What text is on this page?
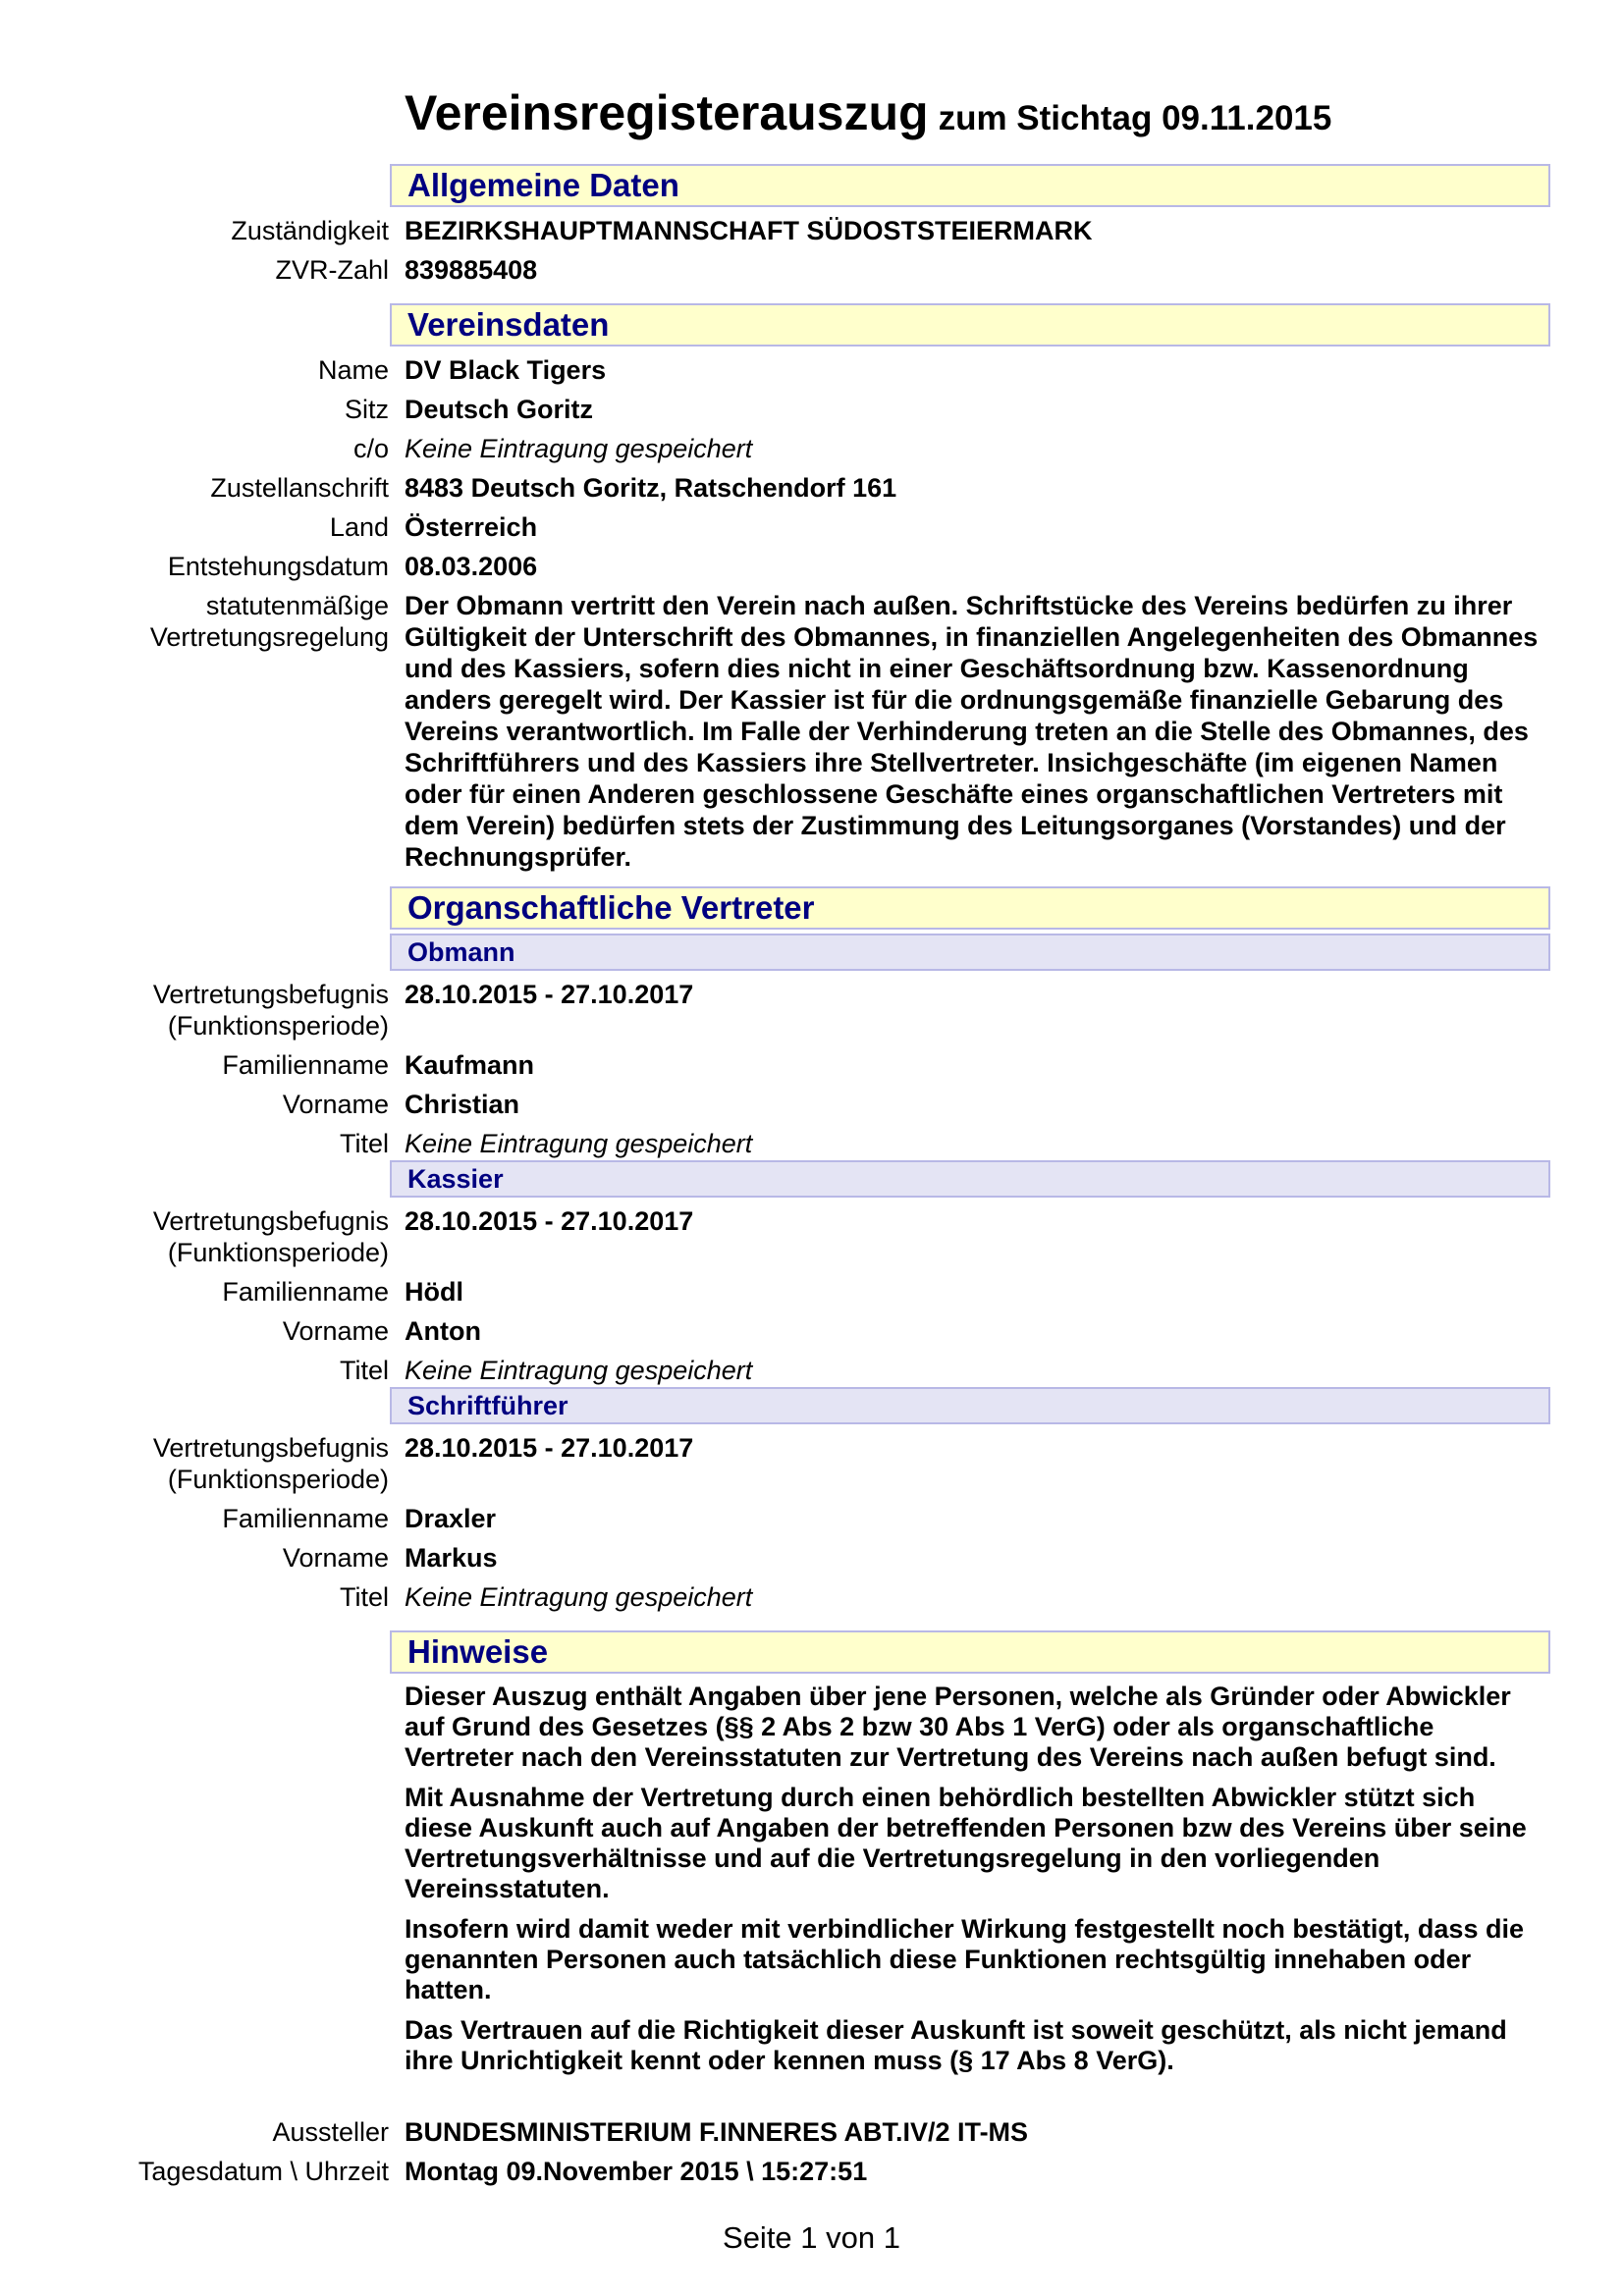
Vereinsregisterauszug zum Stichtag 09.11.2015
Allgemeine Daten
Zuständigkeit BEZIRKSHAUPTMANNSCHAFT SÜDOSTSTEIERMARK
ZVR-Zahl 839885408
Vereinsdaten
Name DV Black Tigers
Sitz Deutsch Goritz
c/o Keine Eintragung gespeichert
Zustellanschrift 8483 Deutsch Goritz, Ratschendorf 161
Land Österreich
Entstehungsdatum 08.03.2006
statutenmäßige
Vertretungsregelung
Der Obmann vertritt den Verein nach außen. Schriftstücke des Vereins bedürfen zu ihrer Gültigkeit der Unterschrift des Obmannes, in finanziellen Angelegenheiten des Obmannes und des Kassiers, sofern dies nicht in einer Geschäftsordnung bzw. Kassenordnung anders geregelt wird. Der Kassier ist für die ordnungsgemäße finanzielle Gebarung des Vereins verantwortlich. Im Falle der Verhinderung treten an die Stelle des Obmannes, des Schriftführers und des Kassiers ihre Stellvertreter. Insichgeschäfte (im eigenen Namen oder für einen Anderen geschlossene Geschäfte eines organschaftlichen Vertreters mit dem Verein) bedürfen stets der Zustimmung des Leitungsorganes (Vorstandes) und der Rechnungsprüfer.
Organschaftliche Vertreter
Obmann
Vertretungsbefugnis
(Funktionsperiode)
28.10.2015 - 27.10.2017
Familienname Kaufmann
Vorname Christian
Titel Keine Eintragung gespeichert
Kassier
Vertretungsbefugnis
(Funktionsperiode)
28.10.2015 - 27.10.2017
Familienname Hödl
Vorname Anton
Titel Keine Eintragung gespeichert
Schriftführer
Vertretungsbefugnis
(Funktionsperiode)
28.10.2015 - 27.10.2017
Familienname Draxler
Vorname Markus
Titel Keine Eintragung gespeichert
Hinweise

Dieser Auszug enthält Angaben über jene Personen, welche als Gründer oder Abwickler auf Grund des Gesetzes (§§ 2 Abs 2 bzw 30 Abs 1 VerG) oder als organschaftliche Vertreter nach den Vereinsstatuten zur Vertretung des Vereins nach außen befugt sind.

Mit Ausnahme der Vertretung durch einen behördlich bestellten Abwickler stützt sich diese Auskunft auch auf Angaben der betreffenden Personen bzw des Vereins über seine Vertretungsverhältnisse und auf die Vertretungsregelung in den vorliegenden Vereinsstatuten.

Insofern wird damit weder mit verbindlicher Wirkung festgestellt noch bestätigt, dass die genannten Personen auch tatsächlich diese Funktionen rechtsgültig innehaben oder hatten.

Das Vertrauen auf die Richtigkeit dieser Auskunft ist soweit geschützt, als nicht jemand ihre Unrichtigkeit kennt oder kennen muss (§ 17 Abs 8 VerG).

Aussteller BUNDESMINISTERIUM F.INNERES ABT.IV/2 IT-MS
Tagesdatum \ Uhrzeit Montag 09.November 2015 \ 15:27:51
Seite 1 von 1
